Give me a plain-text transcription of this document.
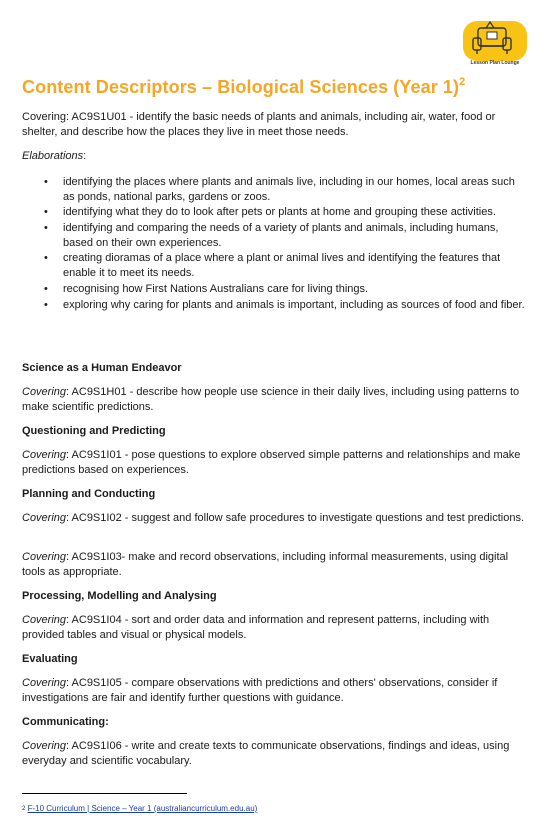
Lesson Plan Lounge
Content Descriptors – Biological Sciences (Year 1)$^2$
Covering: AC9S1U01 - identify the basic needs of plants and animals, including air, water, food or shelter, and describe how the places they live in meet those needs.
Elaborations:
• identifying the places where plants and animals live, including in our homes, local areas such as ponds, national parks, gardens or zoos.
• identifying what they do to look after pets or plants at home and grouping these activities.
• identifying and comparing the needs of a variety of plants and animals, including humans, based on their own experiences.
• creating dioramas of a place where a plant or animal lives and identifying the features that enable it to meet its needs.
• recognising how First Nations Australians care for living things.
• exploring why caring for plants and animals is important, including as sources of food and fiber.
Science as a Human Endeavor
Covering: AC9S1H01 - describe how people use science in their daily lives, including using patterns to make scientific predictions.
Questioning and Predicting
Covering: AC9S1I01 - pose questions to explore observed simple patterns and relationships and make predictions based on experiences.
Planning and Conducting
Covering: AC9S1I02 - suggest and follow safe procedures to investigate questions and test predictions.
Covering: AC9S1I03- make and record observations, including informal measurements, using digital tools as appropriate.
Processing, Modelling and Analysing
Covering: AC9S1I04 - sort and order data and information and represent patterns, including with provided tables and visual or physical models.
Evaluating
Covering: AC9S1I05 - compare observations with predictions and others' observations, consider if investigations are fair and identify further questions with guidance.
Communicating:
Covering: AC9S1I06 - write and create texts to communicate observations, findings and ideas, using everyday and scientific vocabulary.
$^2$ F-10 Curriculum | Science – Year 1 (australiancurriculum.edu.au)
